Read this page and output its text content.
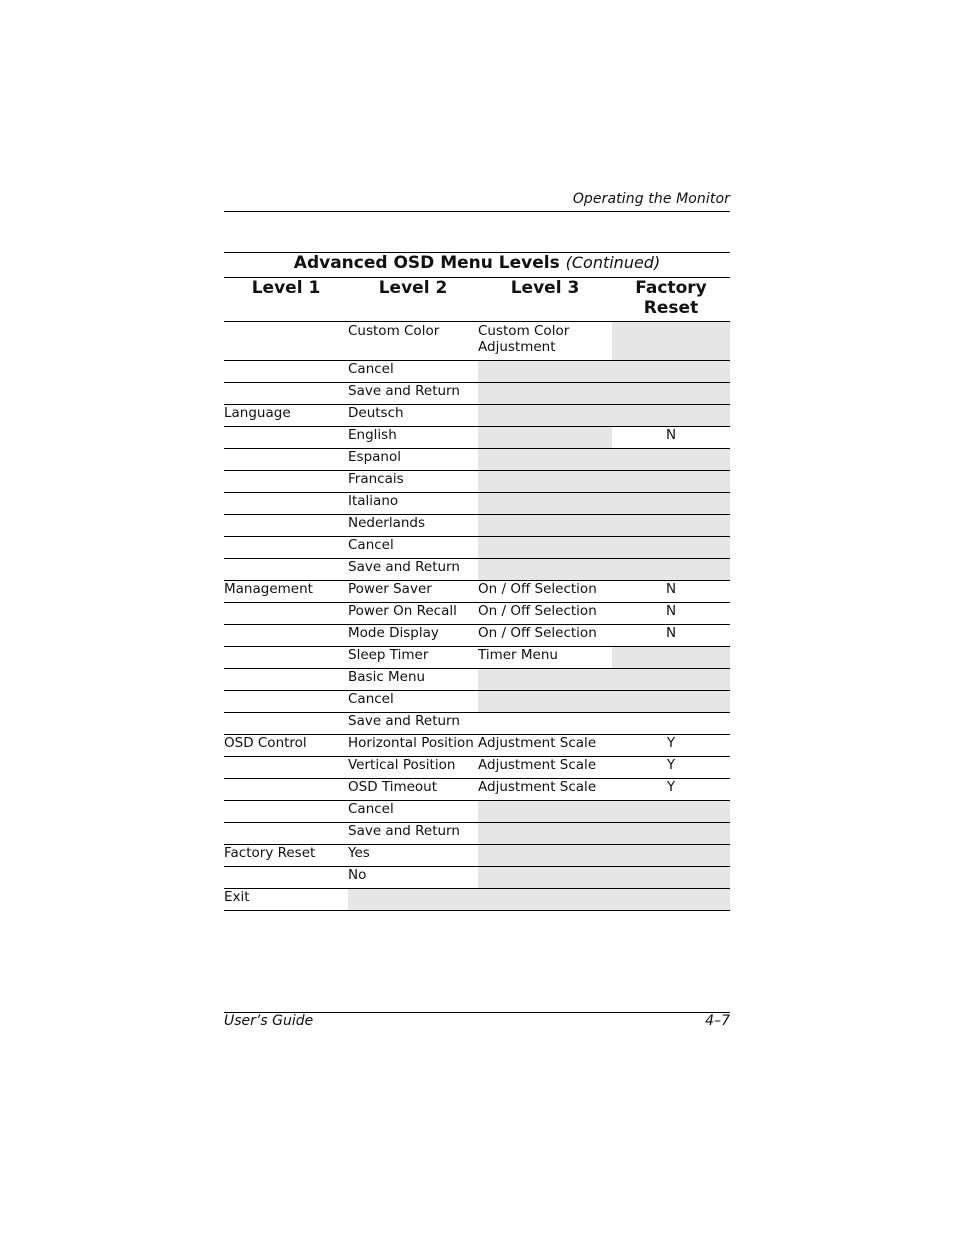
Operating the Monitor
Advanced OSD Menu Levels (Continued)
Level 1	Level 2	Level 3	Factory Reset
	Custom Color	Custom Color Adjustment	
	Cancel		
	Save and Return		
Language	Deutsch		
	English		N
	Espanol		
	Francais		
	Italiano		
	Nederlands		
	Cancel		
	Save and Return		
Management	Power Saver	On / Off Selection	N
	Power On Recall	On / Off Selection	N
	Mode Display	On / Off Selection	N
	Sleep Timer	Timer Menu	
	Basic Menu		
	Cancel		
	Save and Return		
OSD Control	Horizontal Position	Adjustment Scale	Y
	Vertical Position	Adjustment Scale	Y
	OSD Timeout	Adjustment Scale	Y
	Cancel		
	Save and Return		
Factory Reset	Yes		
	No		
Exit			
User’s Guide	4–7
